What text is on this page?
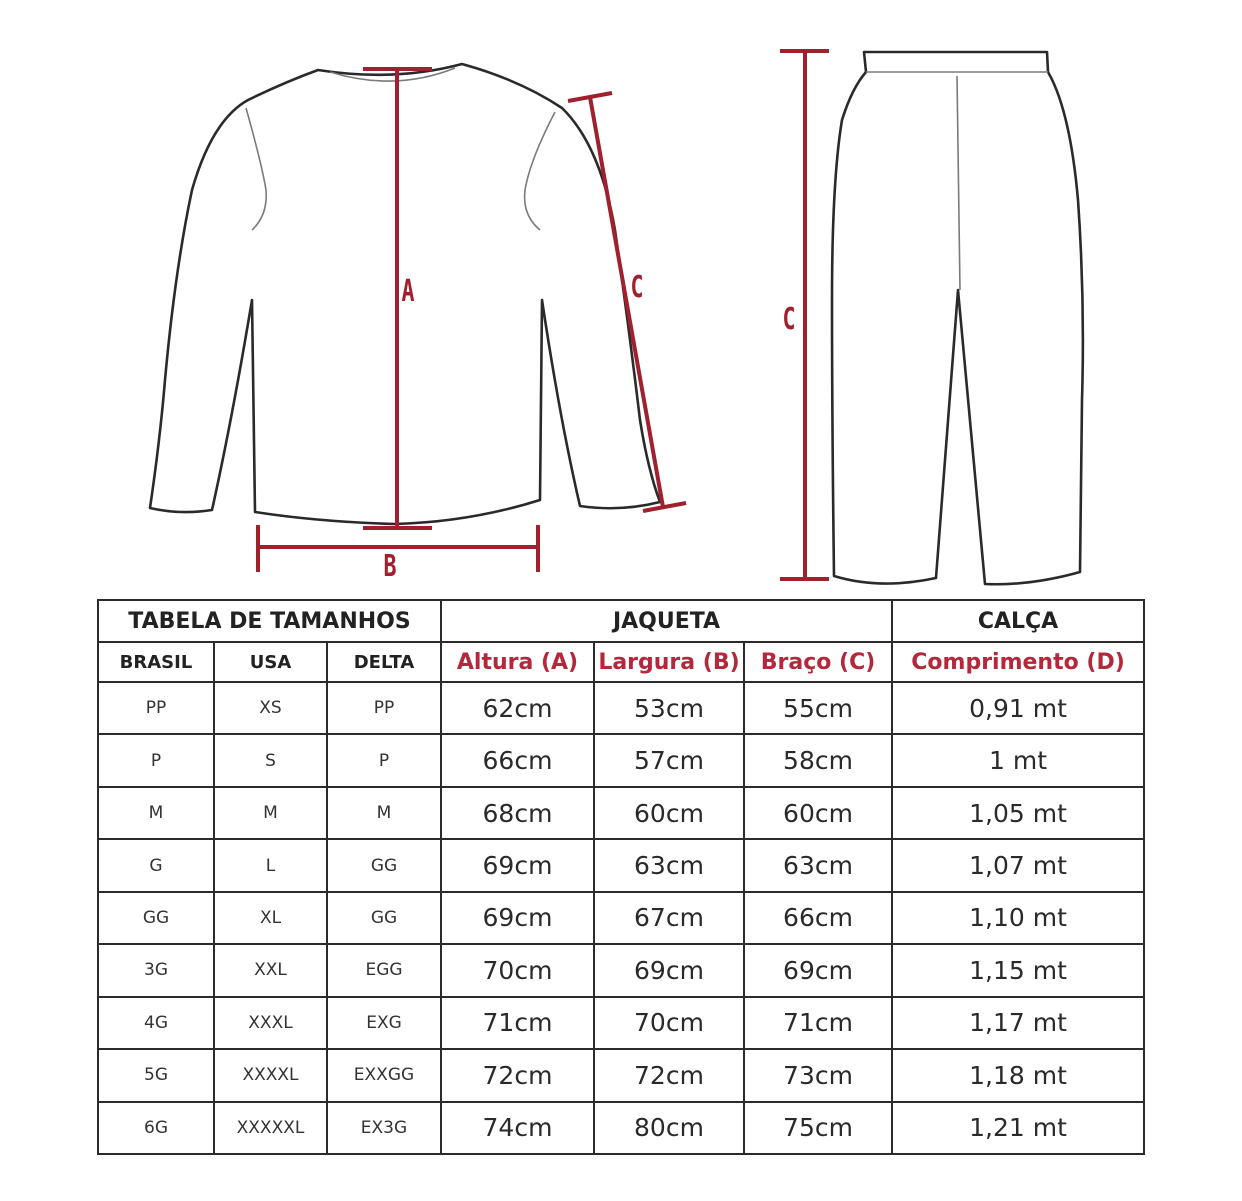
A
B
C
C
TABELA DE TAMANHOS			JAQUETA			CALÇA
BRASIL	USA	DELTA	Altura (A)	Largura (B)	Braço (C)	Comprimento (D)
PP	XS	PP	62cm	53cm	55cm	0,91 mt
P	S	P	66cm	57cm	58cm	1 mt
M	M	M	68cm	60cm	60cm	1,05 mt
G	L	GG	69cm	63cm	63cm	1,07 mt
GG	XL	GG	69cm	67cm	66cm	1,10 mt
3G	XXL	EGG	70cm	69cm	69cm	1,15 mt
4G	XXXL	EXG	71cm	70cm	71cm	1,17 mt
5G	XXXXL	EXXGG	72cm	72cm	73cm	1,18 mt
6G	XXXXXL	EX3G	74cm	80cm	75cm	1,21 mt
